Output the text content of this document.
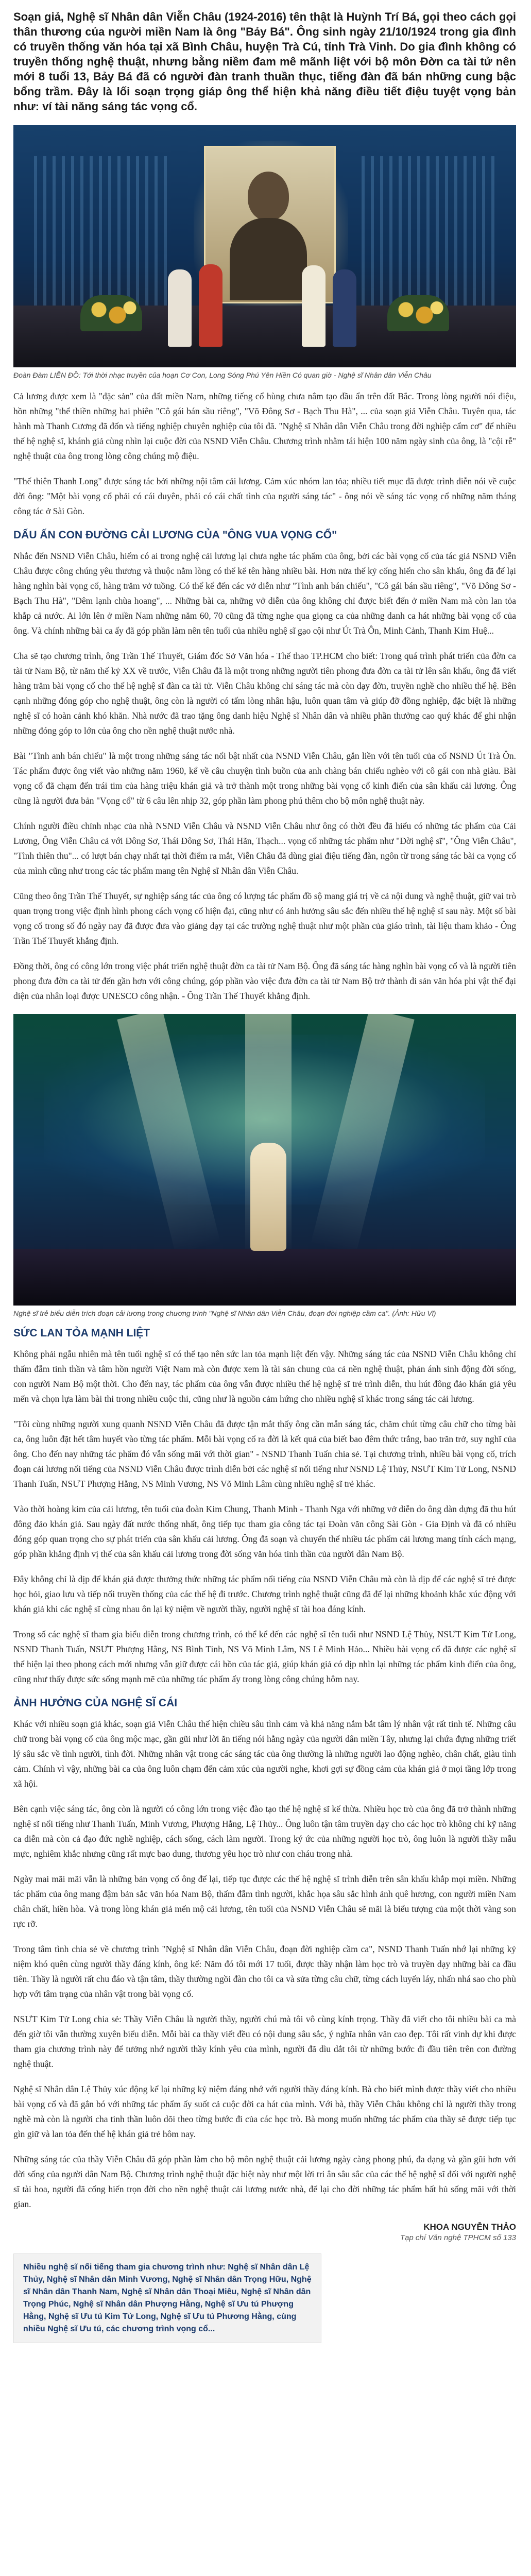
Soạn giả, Nghệ sĩ Nhân dân Viễn Châu (1924-2016) tên thật là Huỳnh Trí Bá, gọi theo cách gọi thân thương của người miền Nam là ông "Bảy Bá". Ông sinh ngày 21/10/1924 trong gia đình có truyền thống văn hóa tại xã Bình Châu, huyện Trà Cú, tỉnh Trà Vinh. Do gia đình không có truyền thống nghệ thuật, nhưng bằng niềm đam mê mãnh liệt với bộ môn Đờn ca tài tử nên mới 8 tuổi 13, Bảy Bá đã có người đàn tranh thuần thục, tiếng đàn đã bán những cung bậc bổng trầm. Đây là lối soạn trọng giáp ông thể hiện khả năng điều tiết điệu tuyệt vọng bản như: ví tài năng sáng tác vọng cổ.

Đoàn Đàm LIỄN ĐỒ: Tới thời nhạc truyền của hoạn Cơ Con, Long Sóng Phú Yên Hiền Có quan giờ - Nghệ sĩ Nhân dân Viễn Châu

Cả lương được xem là "đặc sản" của đất miền Nam, những tiếng cổ hùng chưa nắm tạo đầu ẩn trên đất Bắc. Trong lòng người nói điệu, hồn những "thể thiền những hai phiên "Cô gái bán sầu riêng", "Võ Đông Sơ - Bạch Thu Hà", ... của soạn giả Viễn Châu. Tuyên qua, tác hành mà Thanh Cương đã đốn và tiếng nghiệp chuyên nghiệp của tôi đã. "Nghệ sĩ Nhân dân Viễn Châu trong đời nghiệp cẩm cơ" để nhiều thế hệ nghệ sĩ, khánh giả cùng nhìn lại cuộc đời của NSND Viễn Châu. Chương trình nhằm tái hiện 100 năm ngày sinh của ông, là "cội rễ" nghệ thuật của ông trong lòng công chúng mộ điệu.

"Thế thiên Thanh Long" được sáng tác bởi những nội tâm cải lương. Cảm xúc nhóm lan tỏa; nhiều tiết mục đã được trình diễn nói về cuộc đời ông: "Một bài vọng cổ phải có cái duyên, phải có cái chất tình của người sáng tác" - ông nói về sáng tác vọng cổ những năm tháng công tác ở Sài Gòn.

DẤU ẤN CON ĐƯỜNG CẢI LƯƠNG CỦA "ÔNG VUA VỌNG CỔ"

Nhắc đến NSND Viễn Châu, hiếm có ai trong nghệ cải lương lại chưa nghe tác phẩm của ông, bởi các bài vọng cổ của tác giả NSND Viễn Châu được công chúng yêu thương và thuộc nằm lòng có thể kể tên hàng nhiều bài. Hơn nửa thế kỷ cống hiến cho sân khấu, ông đã để lại hàng nghìn bài vọng cổ, hàng trăm vở tuồng. Có thể kể đến các vở diễn như "Tình anh bán chiếu", "Cô gái bán sầu riêng", "Võ Đông Sơ - Bạch Thu Hà", "Đêm lạnh chùa hoang", ... Những bài ca, những vở diễn của ông không chỉ được biết đến ở miền Nam mà còn lan tỏa khắp cả nước. Ai lớn lên ở miền Nam những năm 60, 70 cũng đã từng nghe qua giọng ca của những danh ca hát những bài vọng cổ của ông. Và chính những bài ca ấy đã góp phần làm nên tên tuổi của nhiều nghệ sĩ gạo cội như Út Trà Ôn, Minh Cảnh, Thanh Kim Huệ...

Cha sẽ tạo chương trình, ông Trần Thế Thuyết, Giám đốc Sở Văn hóa - Thể thao TP.HCM cho biết: Trong quá trình phát triển của đờn ca tài tử Nam Bộ, từ năm thế kỷ XX về trước, Viễn Châu đã là một trong những người tiên phong đưa đờn ca tài tử lên sân khấu, ông đã viết hàng trăm bài vọng cổ cho thế hệ nghệ sĩ đàn ca tài tử. Viễn Châu không chỉ sáng tác mà còn dạy đờn, truyền nghề cho nhiều thế hệ. Bên cạnh những đóng góp cho nghệ thuật, ông còn là người có tấm lòng nhân hậu, luôn quan tâm và giúp đỡ đồng nghiệp, đặc biệt là những nghệ sĩ có hoàn cảnh khó khăn. Nhà nước đã trao tặng ông danh hiệu Nghệ sĩ Nhân dân và nhiều phần thưởng cao quý khác để ghi nhận những đóng góp to lớn của ông cho nền nghệ thuật nước nhà.

Bài "Tình anh bán chiếu" là một trong những sáng tác nổi bật nhất của NSND Viễn Châu, gắn liền với tên tuổi của cố NSND Út Trà Ôn. Tác phẩm được ông viết vào những năm 1960, kể về câu chuyện tình buồn của anh chàng bán chiếu nghèo với cô gái con nhà giàu. Bài vọng cổ đã chạm đến trái tim của hàng triệu khán giả và trở thành một trong những bài vọng cổ kinh điển của sân khấu cải lương. Ông cũng là người đưa bản "Vọng cổ" từ 6 câu lên nhịp 32, góp phần làm phong phú thêm cho bộ môn nghệ thuật này.

Chính người điều chỉnh nhạc của nhà NSND Viễn Châu và NSND Viễn Châu như ông có thời đều đã hiểu có những tác phẩm của Cải Lương, Ông Viễn Châu cả với Đông Sơ, Thái Đông Sơ, Thái Hãn, Thạch... vọng cổ những tác phẩm như "Đời nghệ sĩ", "Ông Viễn Châu", "Tình thiên thu"... có lượt bán chạy nhất tại thời điểm ra mắt, Viễn Châu đã dùng giai điệu tiếng đàn, ngôn từ trong sáng tác bài ca vọng cổ của mình cũng như trong các tác phẩm mang tên Nghệ sĩ Nhân dân Viễn Châu.

Cũng theo ông Trần Thế Thuyết, sự nghiệp sáng tác của ông có lượng tác phẩm đồ sộ mang giá trị về cả nội dung và nghệ thuật, giữ vai trò quan trọng trong việc định hình phong cách vọng cổ hiện đại, cũng như có ảnh hưởng sâu sắc đến nhiều thế hệ nghệ sĩ sau này. Một số bài vọng cổ trong số đó ngày nay đã được đưa vào giảng dạy tại các trường nghệ thuật như một phần của giáo trình, tài liệu tham khảo - Ông Trần Thế Thuyết khẳng định.

Đồng thời, ông có công lớn trong việc phát triển nghệ thuật đờn ca tài tử Nam Bộ. Ông đã sáng tác hàng nghìn bài vọng cổ và là người tiên phong đưa đờn ca tài tử đến gần hơn với công chúng, góp phần vào việc đưa đờn ca tài tử Nam Bộ trở thành di sản văn hóa phi vật thể đại diện của nhân loại được UNESCO công nhận. - Ông Trần Thế Thuyết khẳng định.

Nghệ sĩ trẻ biểu diễn trích đoạn cải lương trong chương trình "Nghệ sĩ Nhân dân Viễn Châu, đoạn đời nghiệp cầm ca". (Ảnh: Hữu Vĩ)

SỨC LAN TỎA MẠNH LIỆT

Không phải ngẫu nhiên mà tên tuổi nghệ sĩ có thể tạo nên sức lan tỏa mạnh liệt đến vậy. Những sáng tác của NSND Viễn Châu không chỉ thấm đẫm tinh thần và tâm hồn người Việt Nam mà còn được xem là tài sản chung của cả nền nghệ thuật, phản ánh sinh động đời sống, con người Nam Bộ một thời. Cho đến nay, tác phẩm của ông vẫn được nhiều thế hệ nghệ sĩ trẻ trình diễn, thu hút đông đảo khán giả yêu mến và chọn lựa làm bài thi trong nhiều cuộc thi, cũng như là nguồn cảm hứng cho nhiều nghệ sĩ khác trong sáng tác cải lương.

"Tôi cùng những người xung quanh NSND Viễn Châu đã được tận mắt thấy ông cần mẫn sáng tác, chăm chút từng câu chữ cho từng bài ca, ông luôn đặt hết tâm huyết vào từng tác phẩm. Mỗi bài vọng cổ ra đời là kết quả của biết bao đêm thức trắng, bao trăn trở, suy nghĩ của ông. Cho đến nay những tác phẩm đó vẫn sống mãi với thời gian" - NSND Thanh Tuấn chia sẻ. Tại chương trình, nhiều bài vọng cổ, trích đoạn cải lương nổi tiếng của NSND Viễn Châu được trình diễn bởi các nghệ sĩ nổi tiếng như NSND Lệ Thủy, NSƯT Kim Tử Long, NSND Thanh Tuấn, NSƯT Phượng Hằng, NS Minh Vương, NS Võ Minh Lâm cùng nhiều nghệ sĩ trẻ khác.

Vào thời hoàng kim của cải lương, tên tuổi của đoàn Kim Chung, Thanh Minh - Thanh Nga với những vở diễn do ông dàn dựng đã thu hút đông đảo khán giả. Sau ngày đất nước thống nhất, ông tiếp tục tham gia công tác tại Đoàn văn công Sài Gòn - Gia Định và đã có nhiều đóng góp quan trọng cho sự phát triển của sân khấu cải lương. Ông đã soạn và chuyển thể nhiều tác phẩm cải lương mang tính cách mạng, góp phần khẳng định vị thế của sân khấu cải lương trong đời sống văn hóa tinh thần của người dân Nam Bộ.

Đây không chỉ là dịp để khán giả được thưởng thức những tác phẩm nổi tiếng của NSND Viễn Châu mà còn là dịp để các nghệ sĩ trẻ được học hỏi, giao lưu và tiếp nối truyền thống của các thế hệ đi trước. Chương trình nghệ thuật cũng đã để lại những khoảnh khắc xúc động với khán giả khi các nghệ sĩ cùng nhau ôn lại kỷ niệm về người thầy, người nghệ sĩ tài hoa đáng kính.

Trong số các nghệ sĩ tham gia biểu diễn trong chương trình, có thể kể đến các nghệ sĩ tên tuổi như NSND Lệ Thủy, NSƯT Kim Tử Long, NSND Thanh Tuấn, NSƯT Phượng Hằng, NS Bình Tinh, NS Võ Minh Lâm, NS Lê Minh Hảo... Nhiều bài vọng cổ đã được các nghệ sĩ thể hiện lại theo phong cách mới nhưng vẫn giữ được cái hồn của tác giả, giúp khán giả có dịp nhìn lại những tác phẩm kinh điển của ông, cũng như thấy được sức sống mạnh mẽ của những tác phẩm ấy trong lòng công chúng hôm nay.

ẢNH HƯỞNG CỦA NGHỆ SĨ CÁI

Khác với nhiều soạn giả khác, soạn giả Viễn Châu thể hiện chiều sâu tình cảm và khả năng nắm bắt tâm lý nhân vật rất tinh tế. Những câu chữ trong bài vọng cổ của ông mộc mạc, gần gũi như lời ăn tiếng nói hằng ngày của người dân miền Tây, nhưng lại chứa đựng những triết lý sâu sắc về tình người, tình đời. Những nhân vật trong các sáng tác của ông thường là những người lao động nghèo, chân chất, giàu tình cảm. Chính vì vậy, những bài ca của ông luôn chạm đến cảm xúc của người nghe, khơi gợi sự đồng cảm của khán giả ở mọi tầng lớp trong xã hội.

Bên cạnh việc sáng tác, ông còn là người có công lớn trong việc đào tạo thế hệ nghệ sĩ kế thừa. Nhiều học trò của ông đã trở thành những nghệ sĩ nổi tiếng như Thanh Tuấn, Minh Vương, Phượng Hằng, Lệ Thủy... Ông luôn tận tâm truyền dạy cho các học trò không chỉ kỹ năng ca diễn mà còn cả đạo đức nghề nghiệp, cách sống, cách làm người. Trong ký ức của những người học trò, ông luôn là người thầy mẫu mực, nghiêm khắc nhưng cũng rất mực bao dung, thương yêu học trò như con cháu trong nhà.

Ngày mai mãi mãi vẫn là những bản vọng cổ ông để lại, tiếp tục được các thế hệ nghệ sĩ trình diễn trên sân khấu khắp mọi miền. Những tác phẩm của ông mang đậm bản sắc văn hóa Nam Bộ, thấm đẫm tình người, khắc họa sâu sắc hình ảnh quê hương, con người miền Nam chân chất, hiền hòa. Và trong lòng khán giả mến mộ cải lương, tên tuổi của NSND Viễn Châu sẽ mãi là biểu tượng của một thời vàng son rực rỡ.

Trong tâm tình chia sẻ về chương trình "Nghệ sĩ Nhân dân Viễn Châu, đoạn đời nghiệp cầm ca", NSND Thanh Tuấn nhớ lại những kỷ niệm khó quên cùng người thầy đáng kính, ông kể: Năm đó tôi mới 17 tuổi, được thầy nhận làm học trò và truyền dạy những bài ca đầu tiên. Thầy là người rất chu đáo và tận tâm, thầy thường ngồi đàn cho tôi ca và sửa từng câu chữ, từng cách luyến láy, nhấn nhá sao cho phù hợp với tâm trạng của nhân vật trong bài vọng cổ.

NSƯT Kim Tử Long chia sẻ: Thầy Viễn Châu là người thầy, người chú mà tôi vô cùng kính trọng. Thầy đã viết cho tôi nhiều bài ca mà đến giờ tôi vẫn thường xuyên biểu diễn. Mỗi bài ca thầy viết đều có nội dung sâu sắc, ý nghĩa nhân văn cao đẹp. Tôi rất vinh dự khi được tham gia chương trình này để tưởng nhớ người thầy kính yêu của mình, người đã dìu dắt tôi từ những bước đi đầu tiên trên con đường nghệ thuật.

Nghệ sĩ Nhân dân Lệ Thủy xúc động kể lại những kỷ niệm đáng nhớ với người thầy đáng kính. Bà cho biết mình được thầy viết cho nhiều bài vọng cổ và đã gắn bó với những tác phẩm ấy suốt cả cuộc đời ca hát của mình. Với bà, thầy Viễn Châu không chỉ là người thầy trong nghề mà còn là người cha tinh thần luôn dõi theo từng bước đi của các học trò. Bà mong muốn những tác phẩm của thầy sẽ được tiếp tục gìn giữ và lan tỏa đến thế hệ khán giả trẻ hôm nay.

Những sáng tác của thầy Viễn Châu đã góp phần làm cho bộ môn nghệ thuật cải lương ngày càng phong phú, đa dạng và gần gũi hơn với đời sống của người dân Nam Bộ. Chương trình nghệ thuật đặc biệt này như một lời tri ân sâu sắc của các thế hệ nghệ sĩ đối với người nghệ sĩ tài hoa, người đã cống hiến trọn đời cho nền nghệ thuật cải lương nước nhà, để lại cho đời những tác phẩm bất hủ sống mãi với thời gian.

KHOA NGUYỄN THẢO
Tạp chí Văn nghệ TPHCM số 133
Nhiều nghệ sĩ nổi tiếng tham gia chương trình như: Nghệ sĩ Nhân dân Lệ Thủy, Nghệ sĩ Nhân dân Minh Vương, Nghệ sĩ Nhân dân Trọng Hữu, Nghệ sĩ Nhân dân Thanh Nam, Nghệ sĩ Nhân dân Thoại Miêu, Nghệ sĩ Nhân dân Trọng Phúc, Nghệ sĩ Nhân dân Phượng Hằng, Nghệ sĩ Ưu tú Phượng Hằng, Nghệ sĩ Ưu tú Kim Tử Long, Nghệ sĩ Ưu tú Phương Hằng, cùng nhiều Nghệ sĩ Ưu tú, các chương trình vọng cổ...
